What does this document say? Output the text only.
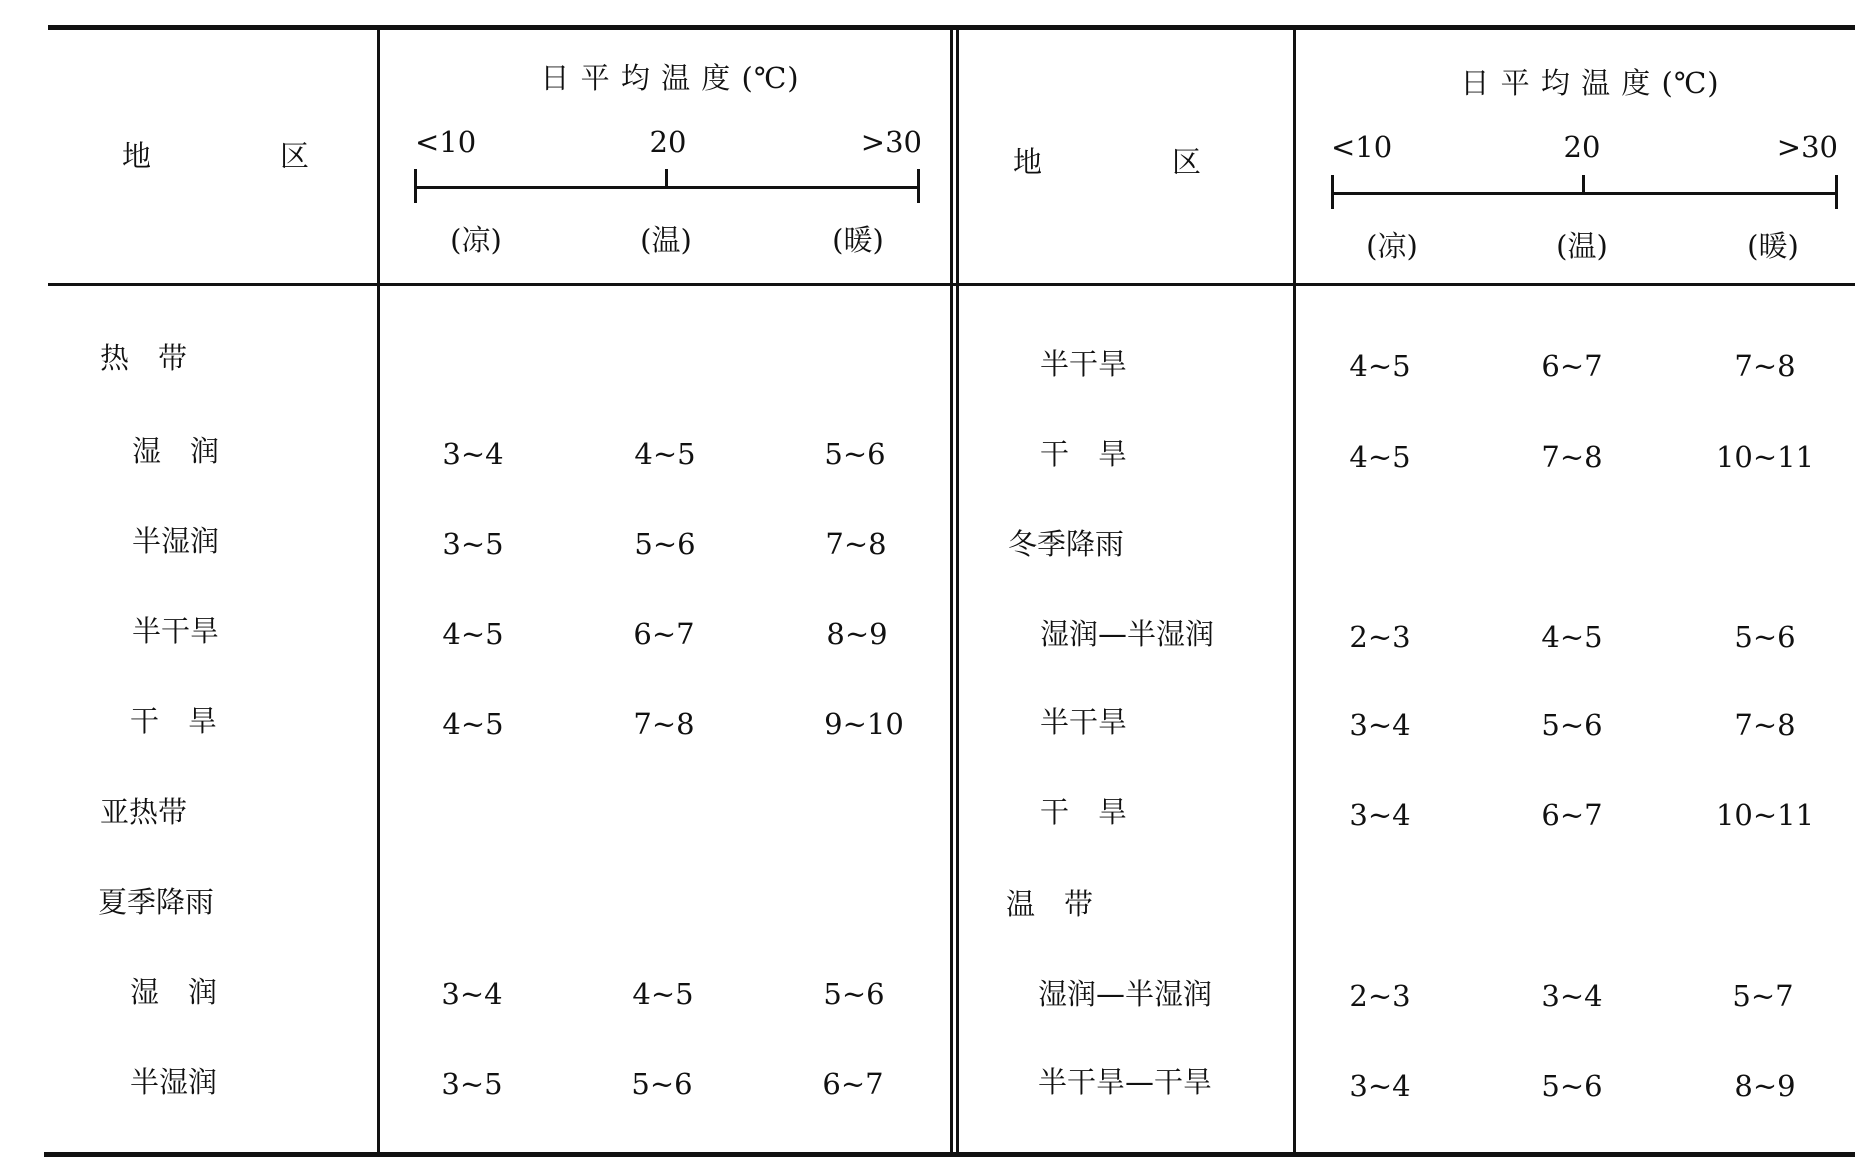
地	区
日 平 均 温 度 (℃)
<10	20	>30
(凉)	(温)	(暖)
地	区
日 平 均 温 度 (℃)
<10	20	>30
(凉)	(温)	(暖)
热　带
湿　润	3~4	4~5	5~6
半湿润	3~5	5~6	7~8
半干旱	4~5	6~7	8~9
干　旱	4~5	7~8	9~10
亚热带
夏季降雨
湿　润	3~4	4~5	5~6
半湿润	3~5	5~6	6~7
半干旱	4~5	6~7	7~8
干　旱	4~5	7~8	10~11
冬季降雨
湿润—半湿润	2~3	4~5	5~6
半干旱	3~4	5~6	7~8
干　旱	3~4	6~7	10~11
温　带
湿润—半湿润	2~3	3~4	5~7
半干旱—干旱	3~4	5~6	8~9
